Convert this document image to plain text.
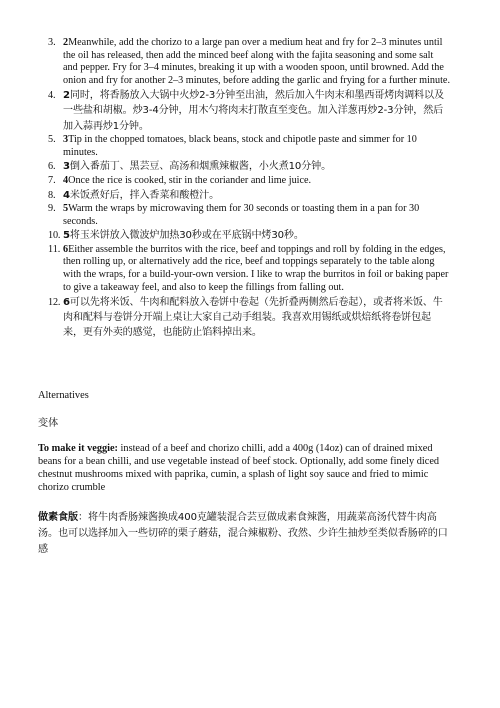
3. 2Meanwhile, add the chorizo to a large pan over a medium heat and fry for 2–3 minutes until the oil has released, then add the minced beef along with the fajita seasoning and some salt and pepper. Fry for 3–4 minutes, breaking it up with a wooden spoon, until browned. Add the onion and fry for another 2–3 minutes, before adding the garlic and frying for a further minute.
4. 2同时，将香肠放入大锅中火炒2-3分钟至出油，然后加入牛肉末和墨西哥烤肉调料以及一些盐和胡椒。炒3-4分钟，用木勺将肉末打散直至变色。加入洋葱再炒2-3分钟，然后加入蒜再炒1分钟。
5. 3Tip in the chopped tomatoes, black beans, stock and chipotle paste and simmer for 10 minutes.
6. 3倒入番茄丁、黑芸豆、高汤和烟熏辣椒酱，小火煮10分钟。
7. 4Once the rice is cooked, stir in the coriander and lime juice.
8. 4米饭煮好后，拌入香菜和酸橙汁。
9. 5Warm the wraps by microwaving them for 30 seconds or toasting them in a pan for 30 seconds.
10. 5将玉米饼放入微波炉加热30秒或在平底锅中烤30秒。
11. 6Either assemble the burritos with the rice, beef and toppings and roll by folding in the edges, then rolling up, or alternatively add the rice, beef and toppings separately to the table along with the wraps, for a build-your-own version. I like to wrap the burritos in foil or baking paper to give a takeaway feel, and also to keep the fillings from falling out.
12. 6可以先将米饭、牛肉和配料放入卷饼中卷起（先折叠两侧然后卷起），或者将米饭、牛肉和配料与卷饼分开端上桌让大家自己动手组装。我喜欢用锡纸或烘焙纸将卷饼包起来，更有外卖的感觉，也能防止馅料掉出来。
Alternatives
变体

To make it veggie: instead of a beef and chorizo chilli, add a 400g (14oz) can of drained mixed beans for a bean chilli, and use vegetable instead of beef stock. Optionally, add some finely diced chestnut mushrooms mixed with paprika, cumin, a splash of light soy sauce and fried to mimic chorizo crumble

做素食版：将牛肉香肠辣酱换成400克罐装混合芸豆做成素食辣酱，用蔬菜高汤代替牛肉高汤。也可以选择加入一些切碎的栗子蘑菇，混合辣椒粉、孜然、少许生抽炒至类似香肠碎的口感
